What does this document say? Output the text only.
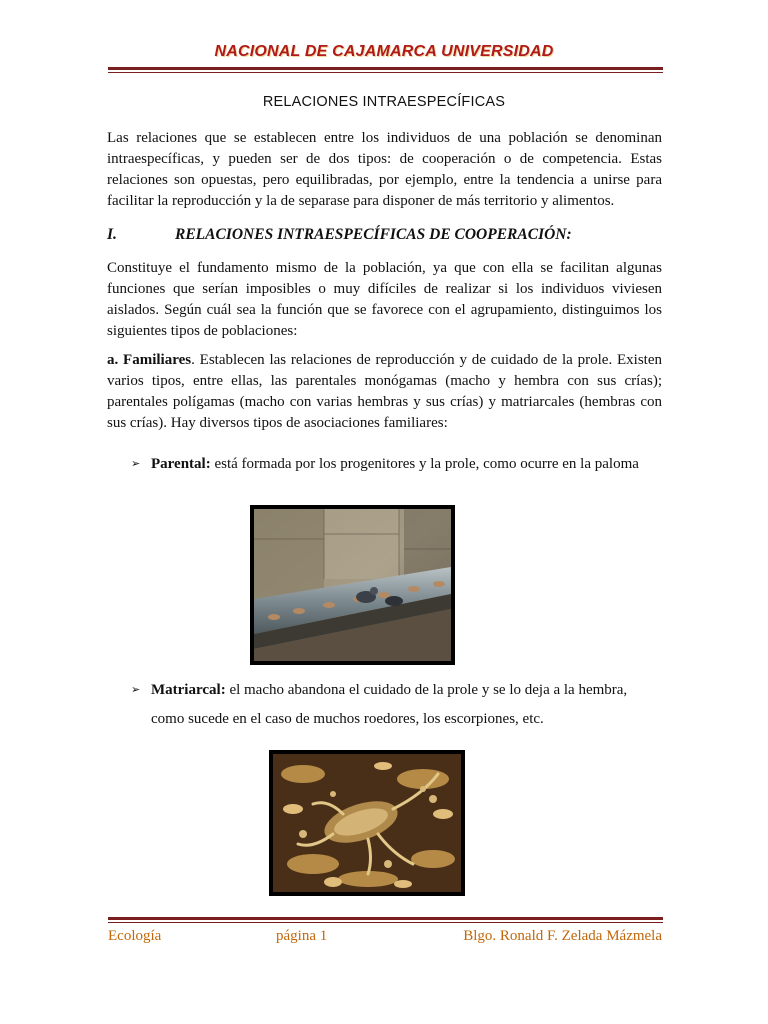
NACIONAL DE CAJAMARCA UNIVERSIDAD
RELACIONES INTRAESPECÍFICAS
Las relaciones que se establecen entre los individuos de una población se denominan intraespecíficas, y pueden ser de dos tipos: de cooperación o de competencia. Estas relaciones son opuestas, pero equilibradas, por ejemplo, entre la tendencia a unirse para facilitar la reproducción y la de separase para disponer de más territorio y alimentos.
I.	RELACIONES INTRAESPECÍFICAS DE COOPERACIÓN:
Constituye el fundamento mismo de la población, ya que con ella se facilitan algunas funciones que serían imposibles o muy difíciles de realizar si los individuos viviesen aislados. Según cuál sea la función que se favorece con el agrupamiento, distinguimos los siguientes tipos de poblaciones:
a. Familiares. Establecen las relaciones de reproducción y de cuidado de la prole. Existen varios tipos, entre ellas, las parentales monógamas (macho y hembra con sus crías); parentales polígamas (macho con varias hembras y sus crías) y matriarcales (hembras con sus crías). Hay diversos tipos de asociaciones familiares:
➢ Parental: está formada por los progenitores y la prole, como ocurre en la paloma
➢ Matriarcal: el macho abandona el cuidado de la prole y se lo deja a la hembra,
como sucede en el caso de muchos roedores, los escorpiones, etc.
Ecología	página 1	Blgo. Ronald F. Zelada Mázmela
